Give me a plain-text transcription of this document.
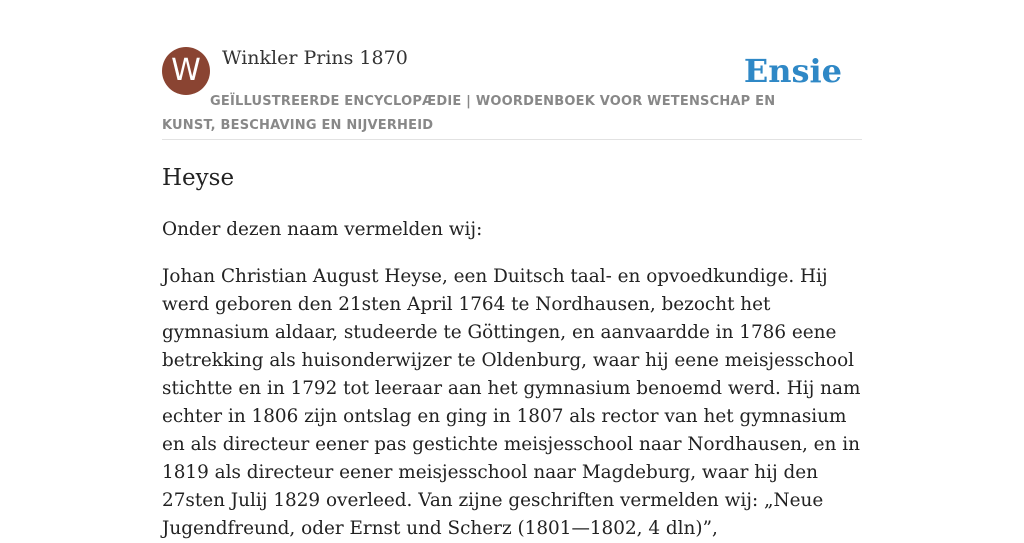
W	Winkler Prins 1870	Ensie
GEÏLLUSTREERDE ENCYCLOPÆDIE | WOORDENBOEK VOOR WETENSCHAP EN KUNST, BESCHAVING EN NIJVERHEID
Heyse

Onder dezen naam vermelden wij:

Johan Christian August Heyse, een Duitsch taal- en opvoedkundige. Hij werd geboren den 21sten April 1764 te Nordhausen, bezocht het gymnasium aldaar, studeerde te Göttingen, en aanvaardde in 1786 eene betrekking als huisonderwijzer te Oldenburg, waar hij eene meisjesschool stichtte en in 1792 tot leeraar aan het gymnasium benoemd werd. Hij nam echter in 1806 zijn ontslag en ging in 1807 als rector van het gymnasium en als directeur eener pas gestichte meisjesschool naar Nordhausen, en in 1819 als directeur eener meisjesschool naar Magdeburg, waar hij den 27sten Julij 1829 overleed. Van zijne geschriften vermelden wij: „Neue Jugendfreund, oder Ernst und Scherz (1801—1802, 4 dln)”,
